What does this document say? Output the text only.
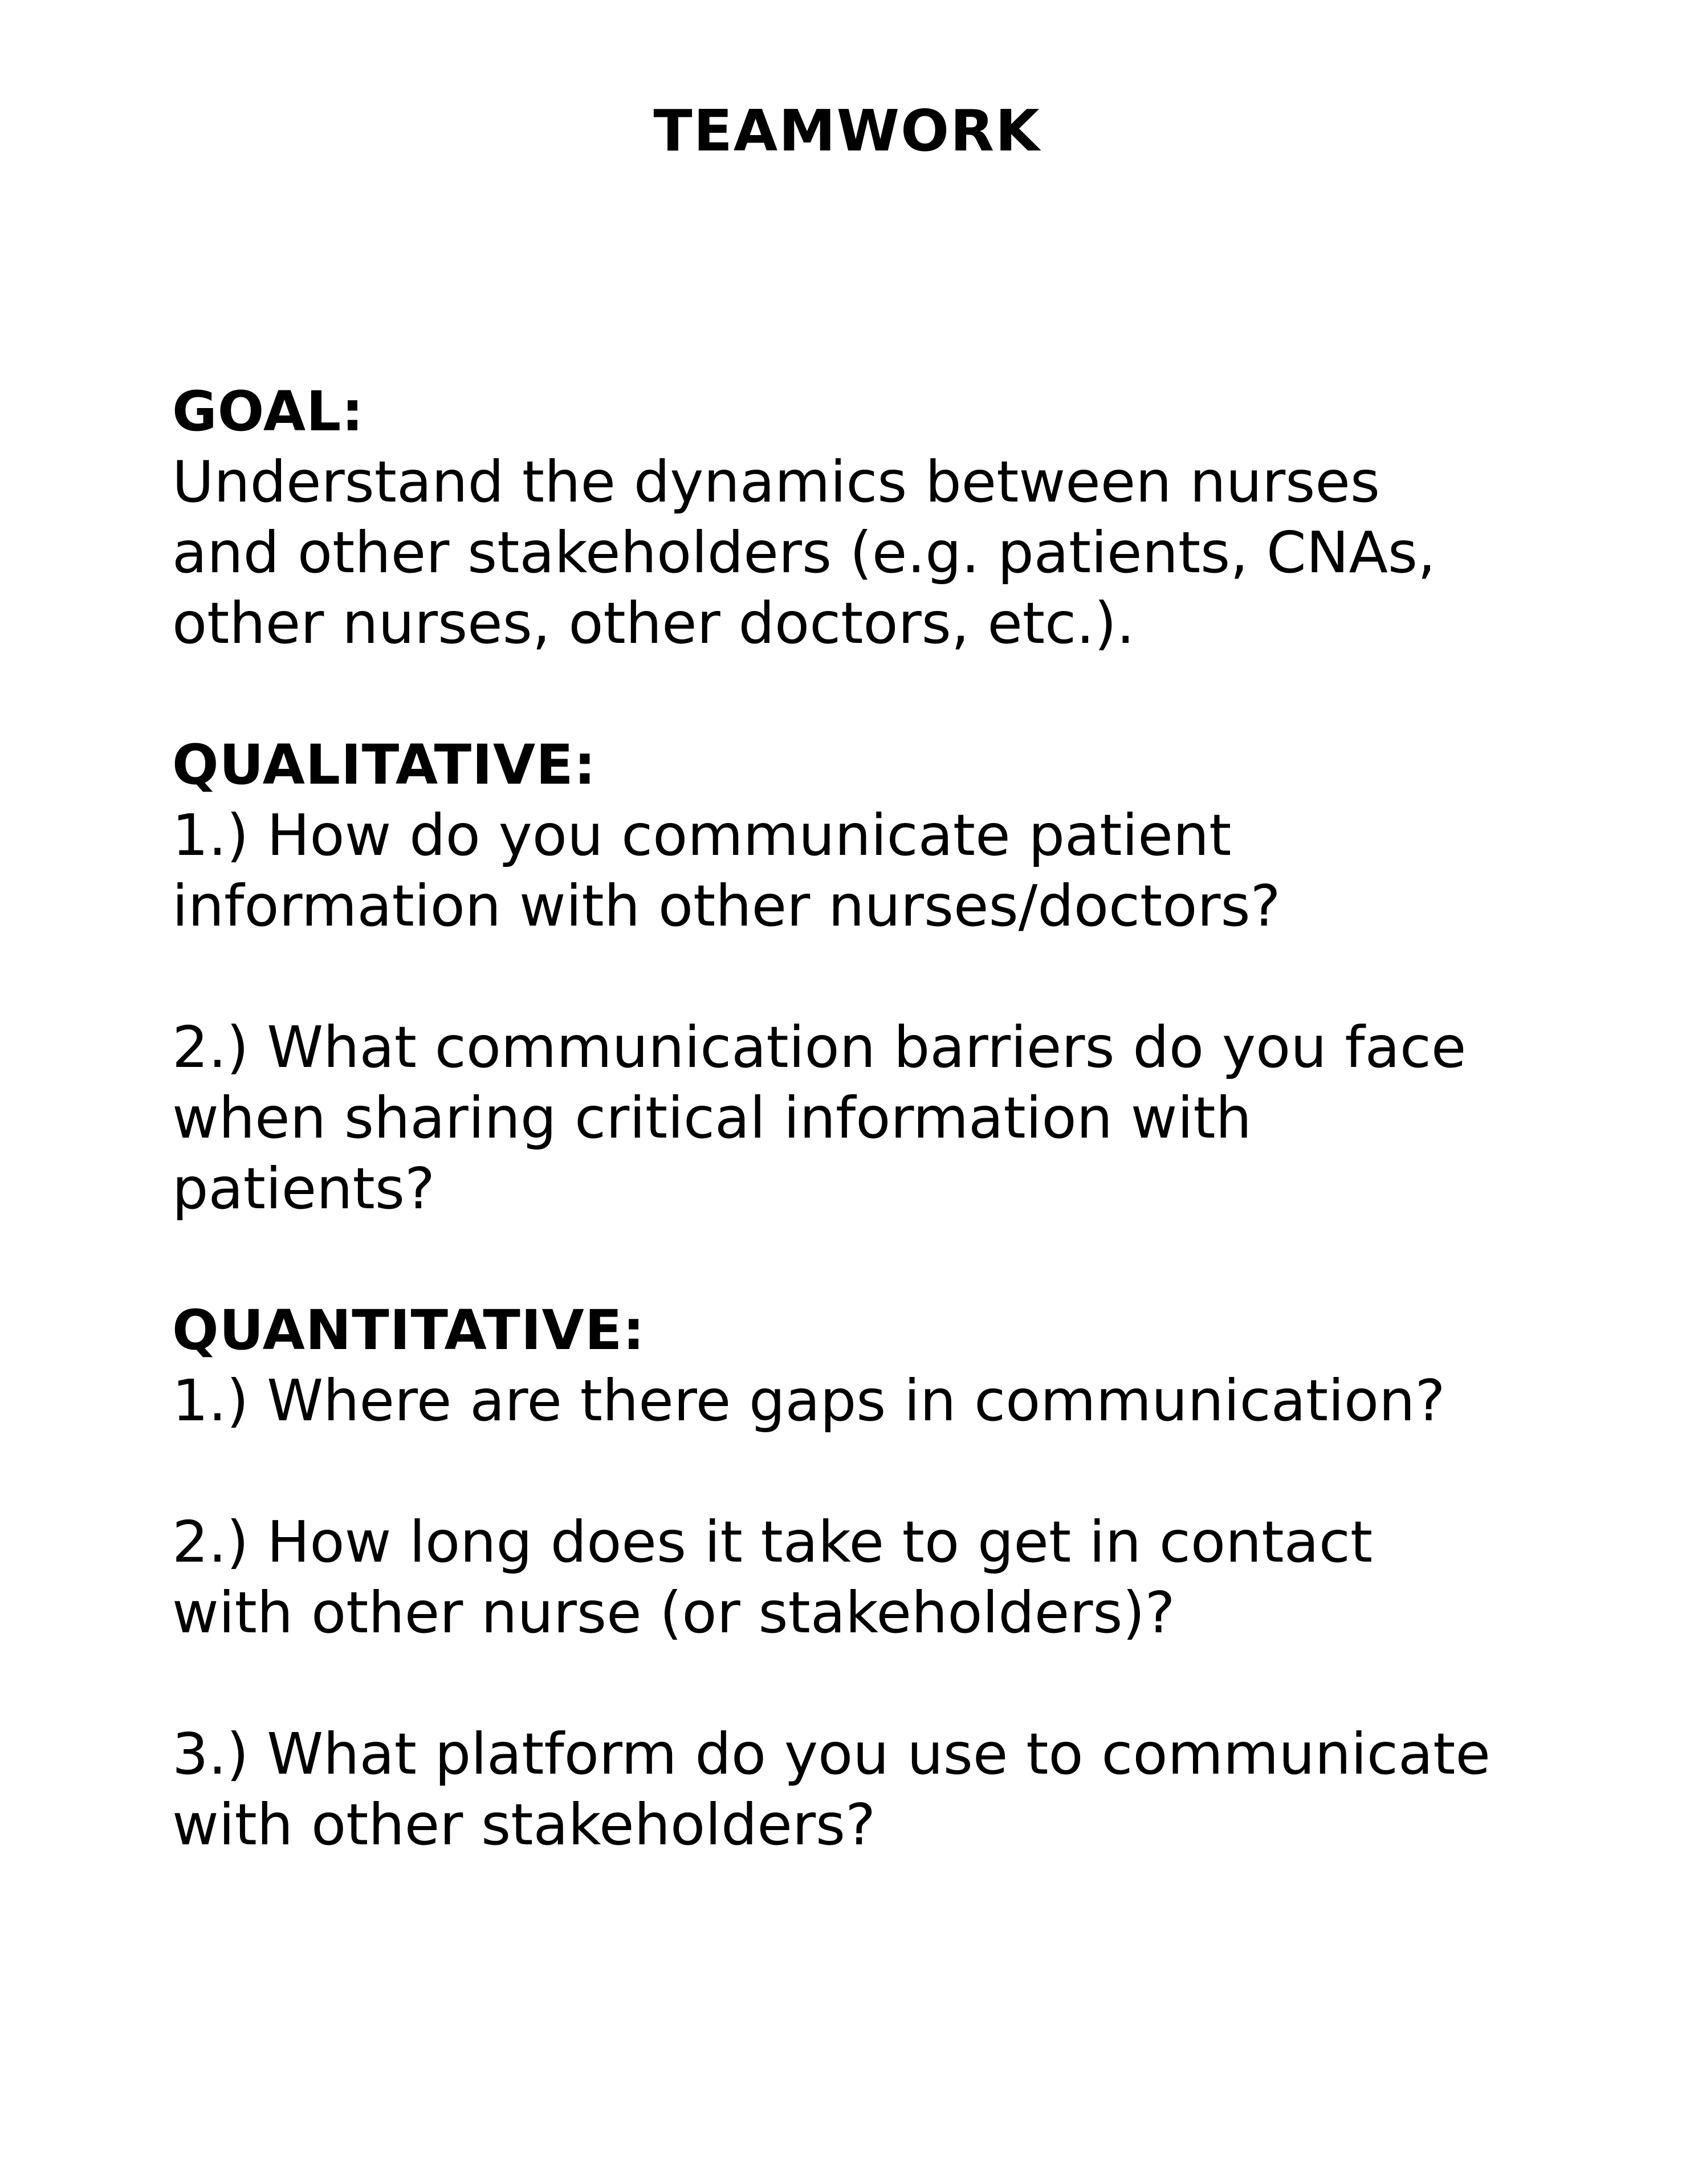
TEAMWORK

GOAL:

Understand the dynamics between nurses
and other stakeholders (e.g. patients, CNAs,
other nurses, other doctors, etc.).

QUALITATIVE:

1.) How do you communicate patient
information with other nurses/doctors?

2.) What communication barriers do you face
when sharing critical information with
patients?

QUANTITATIVE:

1.) Where are there gaps in communication?

2.) How long does it take to get in contact
with other nurse (or stakeholders)?

3.) What platform do you use to communicate
with other stakeholders?
